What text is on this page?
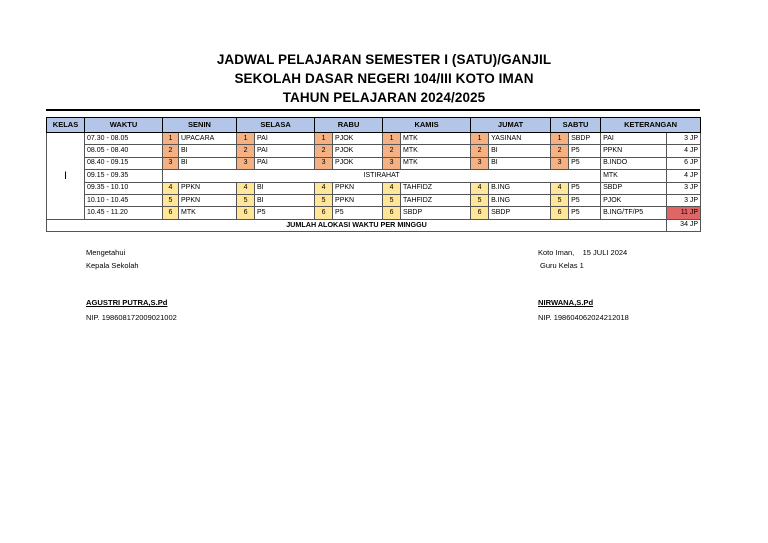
JADWAL PELAJARAN SEMESTER I (SATU)/GANJIL
SEKOLAH DASAR NEGERI 104/III KOTO IMAN
TAHUN PELAJARAN 2024/2025
KELAS	WAKTU	SENIN		SELASA		RABU		KAMIS		JUMAT		SABTU		KETERANGAN	
I	07.30 - 08.05	1	UPACARA	1	PAI	1	PJOK	1	MTK	1	YASINAN	1	SBDP	PAI	3 JP
	08.05 - 08.40	2	BI	2	PAI	2	PJOK	2	MTK	2	BI	2	P5	PPKN	4 JP
	08.40 - 09.15	3	BI	3	PAI	3	PJOK	3	MTK	3	BI	3	P5	B.INDO	6 JP
	09.15 - 09.35	ISTIRAHAT												MTK	4 JP
	09.35 - 10.10	4	PPKN	4	BI	4	PPKN	4	TAHFIDZ	4	B.ING	4	P5	SBDP	3 JP
	10.10 - 10.45	5	PPKN	5	BI	5	PPKN	5	TAHFIDZ	5	B.ING	5	P5	PJOK	3 JP
	10.45 - 11.20	6	MTK	6	P5	6	P5	6	SBDP	6	SBDP	6	P5	B.ING/TF/P5	11 JP
JUMLAH ALOKASI WAKTU PER MINGGU															34 JP
Mengetahui
Kepala Sekolah
AGUSTRI PUTRA,S.Pd
NIP. 198608172009021002
Koto Iman,    15 JULI 2024
Guru Kelas 1
NIRWANA,S.Pd
NIP. 198604062024212018
